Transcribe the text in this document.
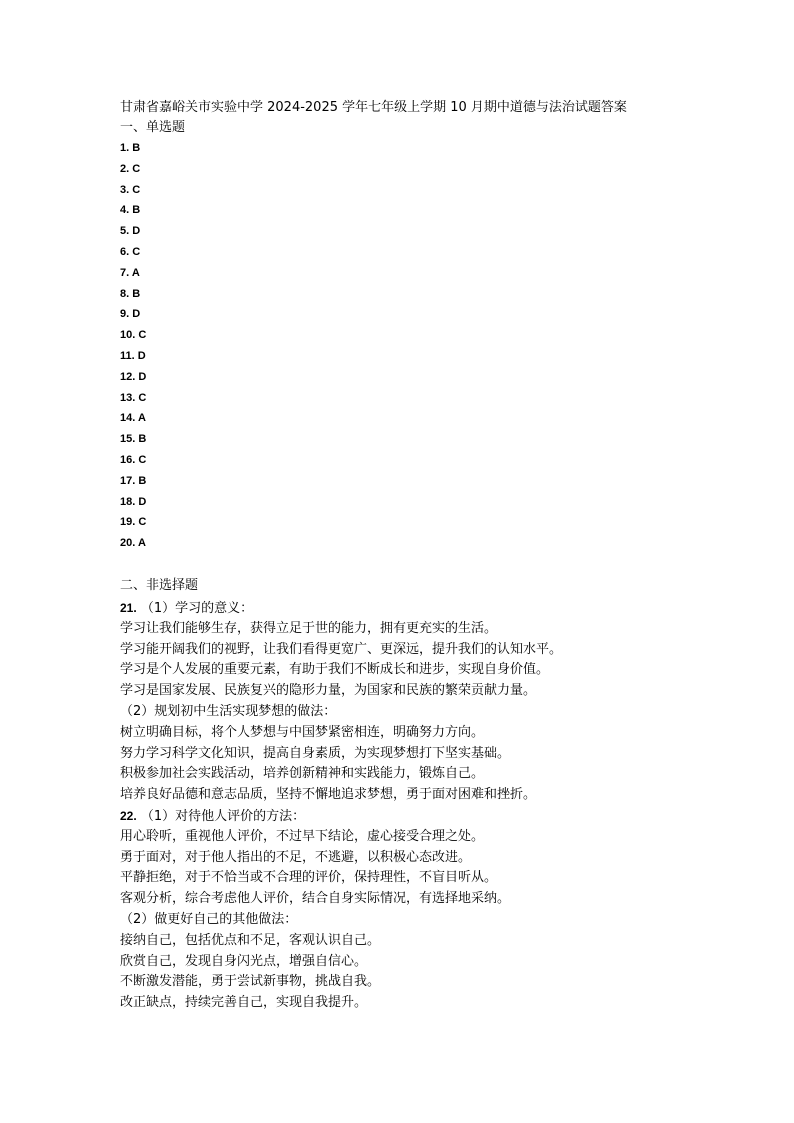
甘肃省嘉峪关市实验中学 2024-2025 学年七年级上学期 10 月期中道德与法治试题答案
一、单选题
1. B
2. C
3. C
4. B
5. D
6. C
7. A
8. B
9. D
10. C
11. D
12. D
13. C
14. A
15. B
16. C
17. B
18. D
19. C
20. A
二、非选择题
21. （1）学习的意义：
学习让我们能够生存，获得立足于世的能力，拥有更充实的生活。
学习能开阔我们的视野，让我们看得更宽广、更深远，提升我们的认知水平。
学习是个人发展的重要元素，有助于我们不断成长和进步，实现自身价值。
学习是国家发展、民族复兴的隐形力量，为国家和民族的繁荣贡献力量。
（2）规划初中生活实现梦想的做法：
树立明确目标，将个人梦想与中国梦紧密相连，明确努力方向。
努力学习科学文化知识，提高自身素质，为实现梦想打下坚实基础。
积极参加社会实践活动，培养创新精神和实践能力，锻炼自己。
培养良好品德和意志品质，坚持不懈地追求梦想，勇于面对困难和挫折。
22. （1）对待他人评价的方法：
用心聆听，重视他人评价，不过早下结论，虚心接受合理之处。
勇于面对，对于他人指出的不足，不逃避，以积极心态改进。
平静拒绝，对于不恰当或不合理的评价，保持理性，不盲目听从。
客观分析，综合考虑他人评价，结合自身实际情况，有选择地采纳。
（2）做更好自己的其他做法：
接纳自己，包括优点和不足，客观认识自己。
欣赏自己，发现自身闪光点，增强自信心。
不断激发潜能，勇于尝试新事物，挑战自我。
改正缺点，持续完善自己，实现自我提升。
